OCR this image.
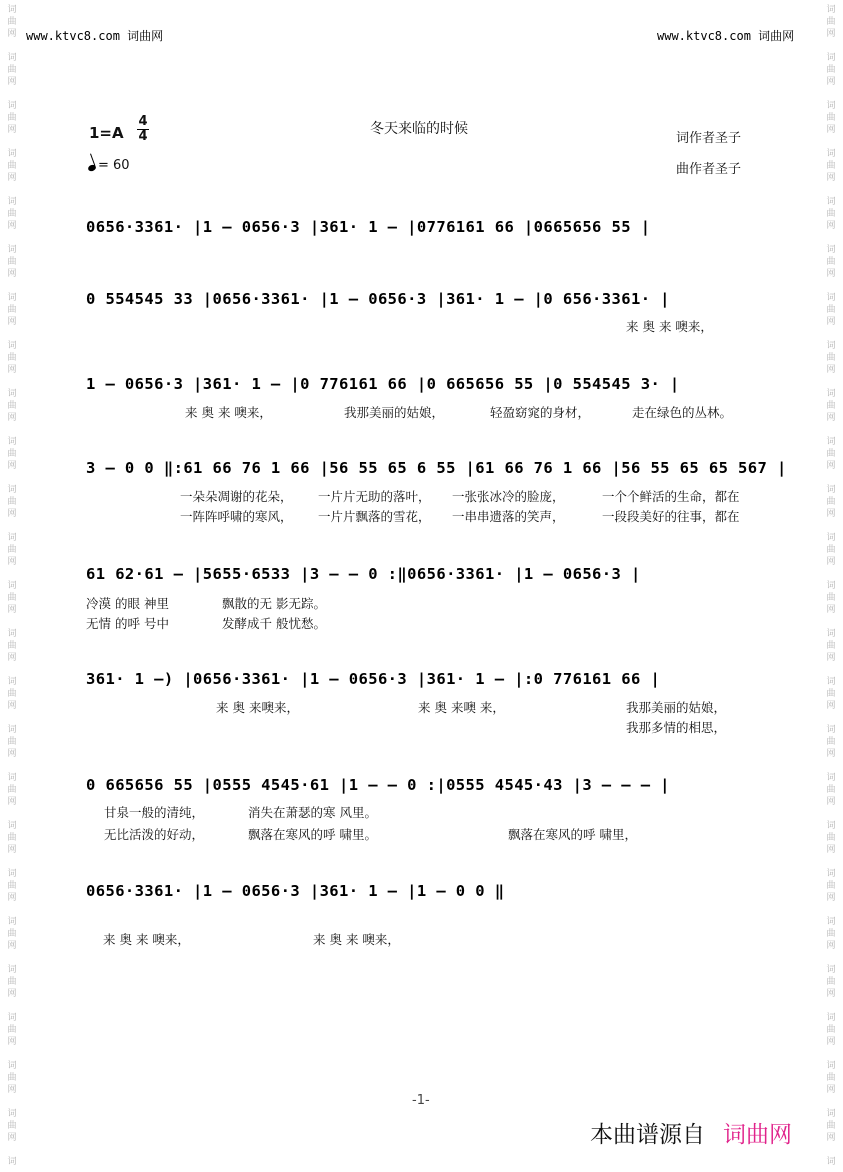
词
曲
网
词
曲
网
词
曲
网
词
曲
网
词
曲
网
词
曲
网
词
曲
网
词
曲
网
词
曲
网
词
曲
网
词
曲
网
词
曲
网
词
曲
网
词
曲
网
词
曲
网
词
曲
网
词
曲
网
词
曲
网
词
曲
网
词
曲
网
词
曲
网
词
曲
网
词
曲
网
词
曲
网
词
词
曲
网
词
曲
网
词
曲
网
词
曲
网
词
曲
网
词
曲
网
词
曲
网
词
曲
网
词
曲
网
词
曲
网
词
曲
网
词
曲
网
词
曲
网
词
曲
网
词
曲
网
词
曲
网
词
曲
网
词
曲
网
词
曲
网
词
曲
网
词
曲
网
词
曲
网
词
曲
网
词
曲
网
词
www.ktvc8.com 词曲网	www.ktvc8.com 词曲网
冬天来临的时候
1=A
4
4
= 60
词作者圣子
曲作者圣子
0656·3361· |1 – 0656·3 |361· 1 – |0776161 66 |0665656 55 |
0 554545 33 |0656·3361· |1 – 0656·3 |361· 1 – |0 656·3361· |
1 – 0656·3 |361· 1 – |0 776161 66 |0 665656 55 |0 554545 3· |
3 – 0 0 ‖:61 66 76 1 66 |56 55 65 6 55 |61 66 76 1 66 |56 55 65 65 567 |
61 62·61 – |5655·6533 |3 – – 0 :‖0656·3361· |1 – 0656·3 |
361· 1 –) |0656·3361· |1 – 0656·3 |361· 1 – |:0 776161 66 |
0 665656 55 |0555 4545·61 |1 – – 0 :|0555 4545·43 |3 – – – |
0656·3361· |1 – 0656·3 |361· 1 – |1 – 0 0 ‖
来 奥 来 噢来，
来 奥 来 噢来，	我那美丽的姑娘，	轻盈窈窕的身材，	走在绿色的丛林。
一朵朵凋谢的花朵， 一片片无助的落叶， 一张张冰冷的脸庞，	一个个鲜活的生命，都在
一阵阵呼啸的寒风， 一片片飘落的雪花， 一串串遗落的笑声，	一段段美好的往事，都在
冷漠 的眼 神里	飘散的无 影无踪。
无情 的呼 号中	发酵成千 般忧愁。
来 奥 来噢来，	来 奥 来噢 来，	我那美丽的姑娘，
我那多情的相思，
甘泉一般的清纯，	消失在萧瑟的寒 风里。
无比活泼的好动，	飘落在寒风的呼 啸里。	飘落在寒风的呼 啸里，
来 奥 来 噢来，	来 奥 来 噢来，
-1-
本曲谱源自 词曲网
